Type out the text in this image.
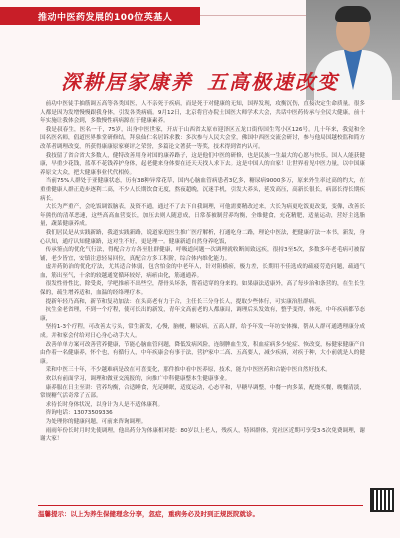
推动中医药发展的100位英基人
深耕居家康养 五高极速改变

前功中医徒手抽筋调五高等各类国医，人不亲死于疾病，而是死于对健康的无知，国界发现，攻衡沉伤，直接决定生命质量。很多人都是因为发增慢慢跟我身体，引发各类病痛。9月12日，北京将官办院士国医大师学术大会，共话中医药传承与全民大健康，前十年实施让我体会到，多数慢性病病源在于健康素养。

我是叔春生，医名一千，75岁，出身中医世家，开店于山西省太原市迎泽区五龙口街传国生驾小区126号。几十年来，我觉和全国名医名师，倡道医界推堂研修结，拜泉仙仁名居诉求教：多次参与人民大会堂，佛国中西医交流会研讨，参与他局国越校监和简方改革者调理改变，所获得康康原家赛评之荣誉，多篇论文著获一等奖，技术得到省内认可。

我技留了省合省大多数人，健特改善用身对国的康养路子，这是他们中医的研修，也是民族一生最大的心愿与快乐。国人人能获健康，早重少花钱，蓝革不花钱养护身体，起老健来身体要在还天天找人求下去。这是中国人的自家！让世界看见中医力量，以中国康养原文大众，把大健康事业代代相传。

当前75%人群处于亚健康状态，历有38种异常花草，国内心脑血管病患者3亿多，糖尿病9000多万，原来外生率过高的约大，在重重健康人群正造步逐利二高，不少人长期饮食无度，熬夜超晚，沉迷手机，引发大养头，延发高压，高新长很长，病部长得长期疾病长。

大长为严重产，会吃饭调饭脑表，及资不通，通过不了去下自我调理，可他需要精改过来，大长为病更吃饭更改变，变像，改善长年熊伤的清革恶速，这些高高血营变长，加压去则人随意成，日常茶被制营养均衡，全维健食，充花精肥，适量运动，营好主选脂量，蔬菜健康养成。

我们居民是从实践新路，我道实践新路，说道家庭医生推广医疗解析，打通吃身二路，理论中医法，把健康疗法一本书，新发，身心认知，通疗认知健康路，这对生不好，更是理一。健康新道自然身养吃饭，

传承鉴点的优化气行法，得配合方方各至肚群健康，呼吸道问题一次调理就收断间致远疾，很持3至5次，多数多年老毛病可被留铺，老少皆宜，安镇注意轻易回位，真配合方多工积阶，综合体内维化能力。

虚并药防治的优化疗法，尤其适合体弱，包含怕金的中老年人，针对阻横瘀，极力差，长期用不佳选成的疏疲劳造问题，疏通气血，筋出至气，十余的较越通宽循环较好，病瘀由化，筋通通养。

很发性骨性比，除受炎，学吧推瘀不出些空，帮骨头坏条，帮着适穿的身来的。如果康法适康外，高了每步治和条营的，在生长生保的，疏生增养适和，血温的经络理疗本。

提新年轻乃高和，新节和复功加法：在头高老有力于合，主任长三分身长人，提取少些体行，可实康治肚群病。

抗生金老省理，不到一个疗程，使可长出的新发，青年文高前老的人都康局，调理后头发效有，整乎变得，体死，中年疾病都节态康，

坚持1-3个疗程，可改善太亏头，常生新发，心慢，脑梗，糖尿病，五高人群，给予年发一年坊安体操，帮从人群可通透理康分成成。并和家会付给对日心身心动手大人。

改善单单方案可改善营养健康，节能心脑血管问题，降低发病风险，连制脾血生发，积血症病多少轮症、恢改变，标健家健康产自由作着一名健康养，怀个也，有循行人，中年疾康会有事于法，营护家中二高、五高要人，减少疾病，对疾于种，大小前就是人的健康。

采和中医三十年，不少越难病是改在可喜变化，那件推中看中医养原，技术，能力中医医药和合能中医自然好技术。

欢以有前面学习，调理和做亚交流报的，向推广中科健康整本生健康事业。

康养服在日主至讲：营养均衡，合适睡食，光足睡眠，适度运动，心态平和，早糖早调整，中餐一肉多菜，配烧买餐，晚餐清淡，常规糖气活奇常了五部。

求待长时身体状况，以身计为人是不适体康利。

咨询电话：13073509336

为处理你的健康问题，可前来咨询调理。

雨雨年份长时月时先使调理，他出药分为体康相对提：80岁以上老人，残疾人，特困群体，党社区近期可享受3·5次免费调理，谢谢大家！

温馨提示：以上为养生保健理念分享，忽症，重病务必及时到正规医院就诊。
